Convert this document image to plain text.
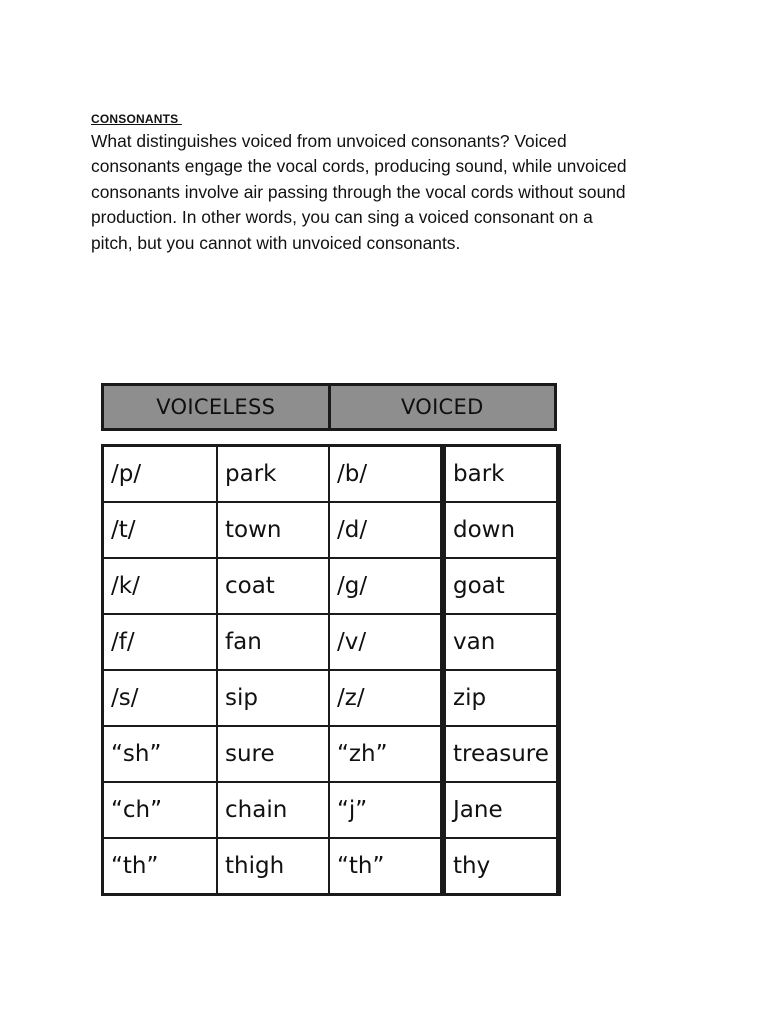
CONSONANTS
What distinguishes voiced from unvoiced consonants? Voiced
consonants engage the vocal cords, producing sound, while unvoiced
consonants involve air passing through the vocal cords without sound
production. In other words, you can sing a voiced consonant on a
pitch, but you cannot with unvoiced consonants.
VOICELESS	VOICED
/p/	park	/b/	bark
/t/	town	/d/	down
/k/	coat	/g/	goat
/f/	fan	/v/	van
/s/	sip	/z/	zip
“sh”	sure	“zh”	treasure
“ch”	chain	“j”	Jane
“th”	thigh	“th”	thy
